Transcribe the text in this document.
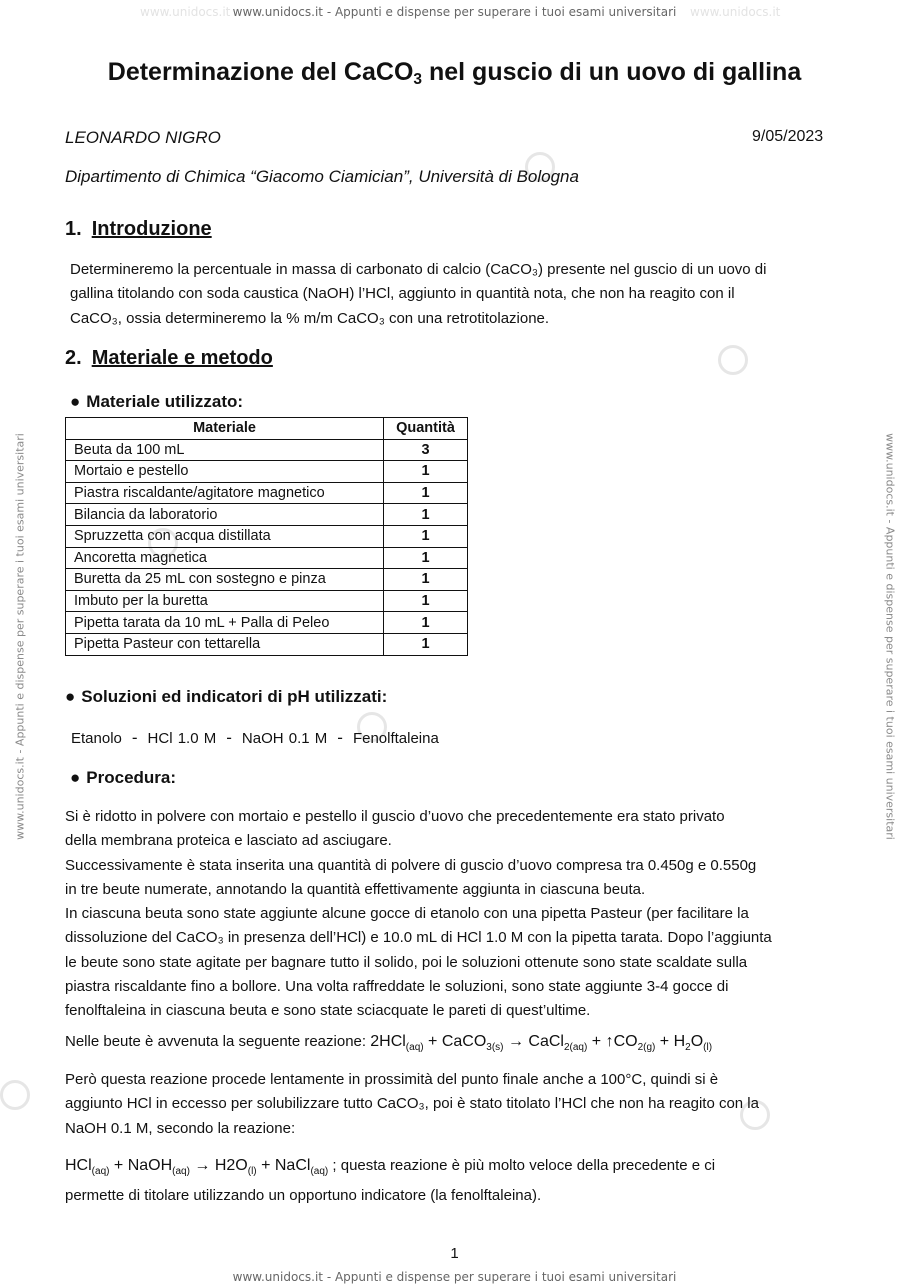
www.unidocs.it - Appunti e dispense per superare i tuoi esami universitari
www.unidocs.it - Appunti e dispense per superare i tuoi esami universitari
www.unidocs.it - Appunti e dispense per superare i tuoi esami universitari	www.unidocs.it - Appunti e dispense per superare i tuoi esami universitari
www.unidocs.it	www.unidocs.it
Determinazione del CaCO$_3$ nel guscio di un uovo di gallina
LEONARDO NIGRO	9/05/2023
Dipartimento di Chimica “Giacomo Ciamician”, Università di Bologna
1. Introduzione
Determineremo la percentuale in massa di carbonato di calcio (CaCO₃) presente nel guscio di un uovo di
gallina titolando con soda caustica (NaOH) l’HCl, aggiunto in quantità nota, che non ha reagito con il
CaCO₃, ossia determineremo la % m/m CaCO₃ con una retrotitolazione.
2. Materiale e metodo
● Materiale utilizzato:
Materiale	Quantità
Beuta da 100 mL	3
Mortaio e pestello	1
Piastra riscaldante/agitatore magnetico	1
Bilancia da laboratorio	1
Spruzzetta con acqua distillata	1
Ancoretta magnetica	1
Buretta da 25 mL con sostegno e pinza	1
Imbuto per la buretta	1
Pipetta tarata da 10 mL + Palla di Peleo	1
Pipetta Pasteur con tettarella	1
● Soluzioni ed indicatori di pH utilizzati:
Etanolo - HCl 1.0 M - NaOH 0.1 M - Fenolftaleina
● Procedura:
Si è ridotto in polvere con mortaio e pestello il guscio d’uovo che precedentemente era stato privato
della membrana proteica e lasciato ad asciugare.
Successivamente è stata inserita una quantità di polvere di guscio d’uovo compresa tra 0.450g e 0.550g
in tre beute numerate, annotando la quantità effettivamente aggiunta in ciascuna beuta.
In ciascuna beuta sono state aggiunte alcune gocce di etanolo con una pipetta Pasteur (per facilitare la
dissoluzione del CaCO₃ in presenza dell’HCl) e 10.0 mL di HCl 1.0 M con la pipetta tarata. Dopo l’aggiunta
le beute sono state agitate per bagnare tutto il solido, poi le soluzioni ottenute sono state scaldate sulla
piastra riscaldante fino a bollore. Una volta raffreddate le soluzioni, sono state aggiunte 3-4 gocce di
fenolftaleina in ciascuna beuta e sono state sciacquate le pareti di quest’ultime.
Nelle beute è avvenuta la seguente reazione: 2HCl$_{(aq)}$ + CaCO$_{3(s)}$ → CaCl$_{2(aq)}$ + $↑CO_{2(g)} + H_2O_{(l)}$
Però questa reazione procede lentamente in prossimità del punto finale anche a 100°C, quindi si è
aggiunto HCl in eccesso per solubilizzare tutto CaCO₃, poi è stato titolato l’HCl che non ha reagito con la
NaOH 0.1 M, secondo la reazione:
HCl$_{(aq)}$ + NaOH$_{(aq)}$ → $H2O_{(l)}$ + NaCl$_{(aq)}$ ; questa reazione è più molto veloce della precedente e ci
permette di titolare utilizzando un opportuno indicatore (la fenolftaleina).
1
